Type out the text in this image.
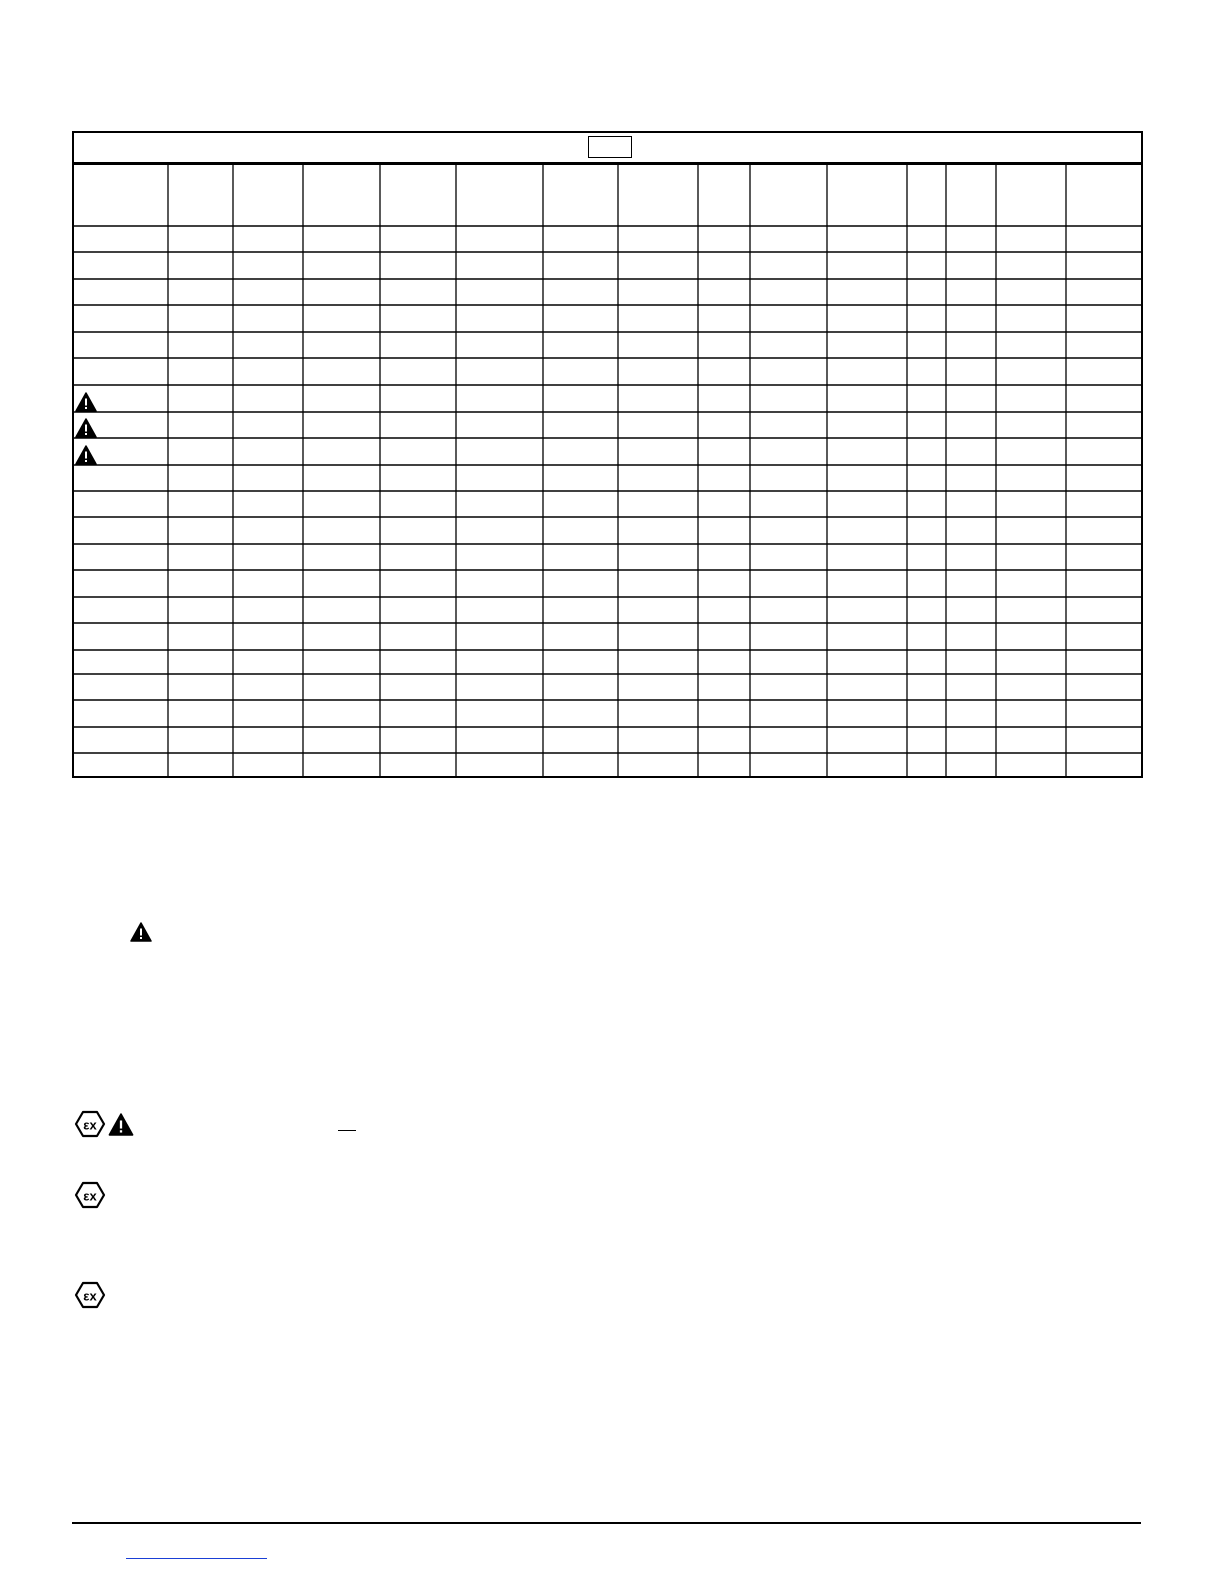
εx
εx
εx
